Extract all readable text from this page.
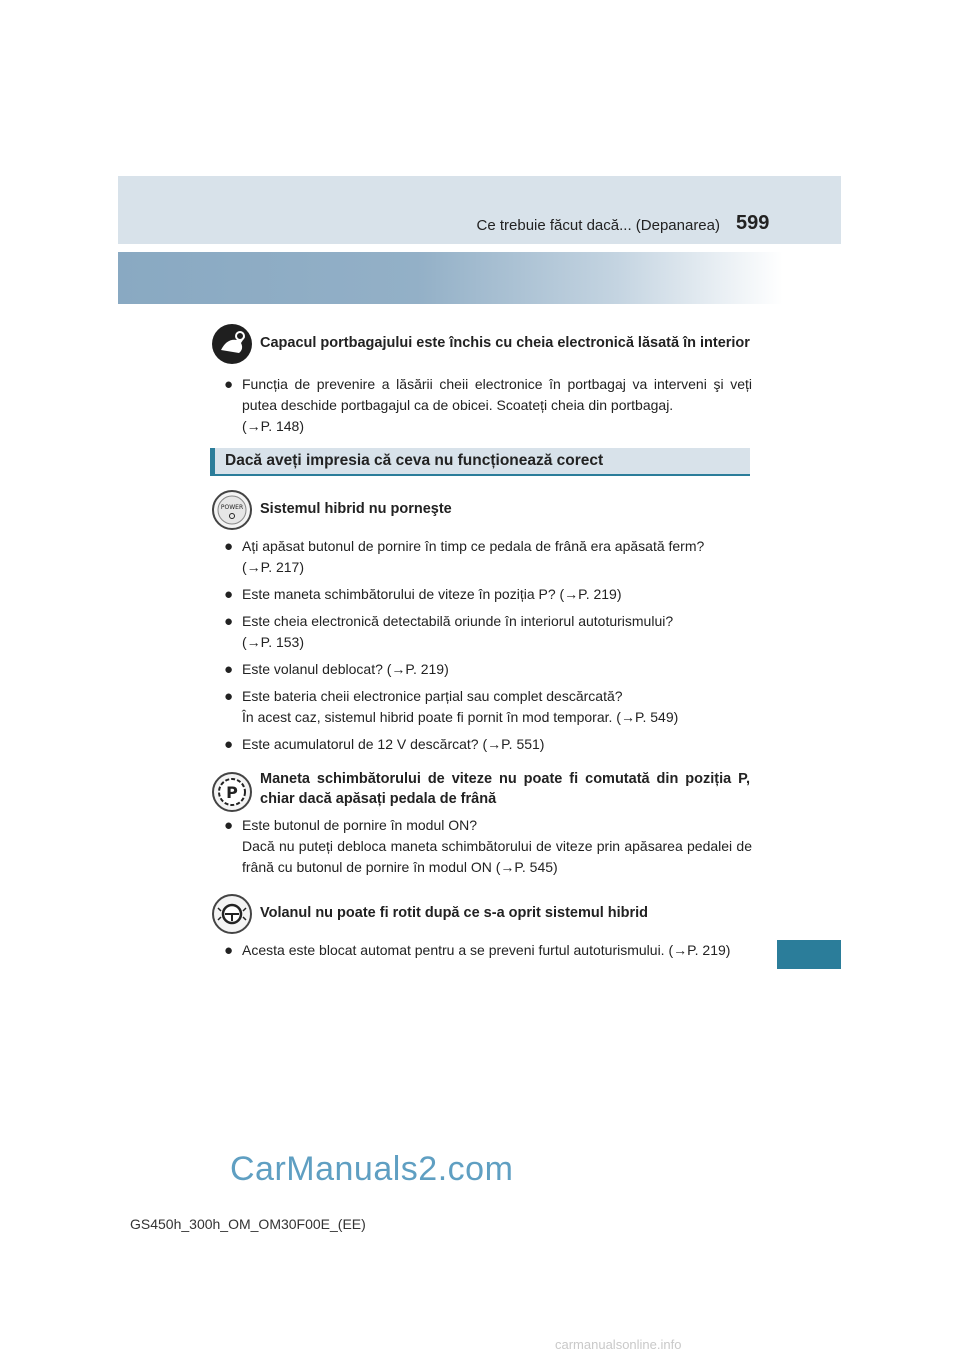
Ce trebuie făcut dacă... (Depanarea) 599
Capacul portbagajului este închis cu cheia electronică lăsată în interior
● Funcția de prevenire a lăsării cheii electronice în portbagaj va interveni şi veți putea deschide portbagajul ca de obicei. Scoateți cheia din portbagaj.
(→P. 148)
Dacă aveți impresia că ceva nu funcționează corect
POWER Sistemul hibrid nu porneşte
● Ați apăsat butonul de pornire în timp ce pedala de frână era apăsată ferm?
(→P. 217)
● Este maneta schimbătorului de viteze în poziția P? (→P. 219)
● Este cheia electronică detectabilă oriunde în interiorul autoturismului?
(→P. 153)
● Este volanul deblocat? (→P. 219)
● Este bateria cheii electronice parțial sau complet descărcată?
În acest caz, sistemul hibrid poate fi pornit în mod temporar. (→P. 549)
● Este acumulatorul de 12 V descărcat? (→P. 551)
P
Maneta schimbătorului de viteze nu poate fi comutată din poziția P, chiar dacă apăsați pedala de frână
● Este butonul de pornire în modul ON?
Dacă nu puteți debloca maneta schimbătorului de viteze prin apăsarea pedalei de frână cu butonul de pornire în modul ON (→P. 545)
Volanul nu poate fi rotit după ce s-a oprit sistemul hibrid
● Acesta este blocat automat pentru a se preveni furtul autoturismului. (→P. 219)
CarManuals2.com
GS450h_300h_OM_OM30F00E_(EE)
carmanualsonline.info
